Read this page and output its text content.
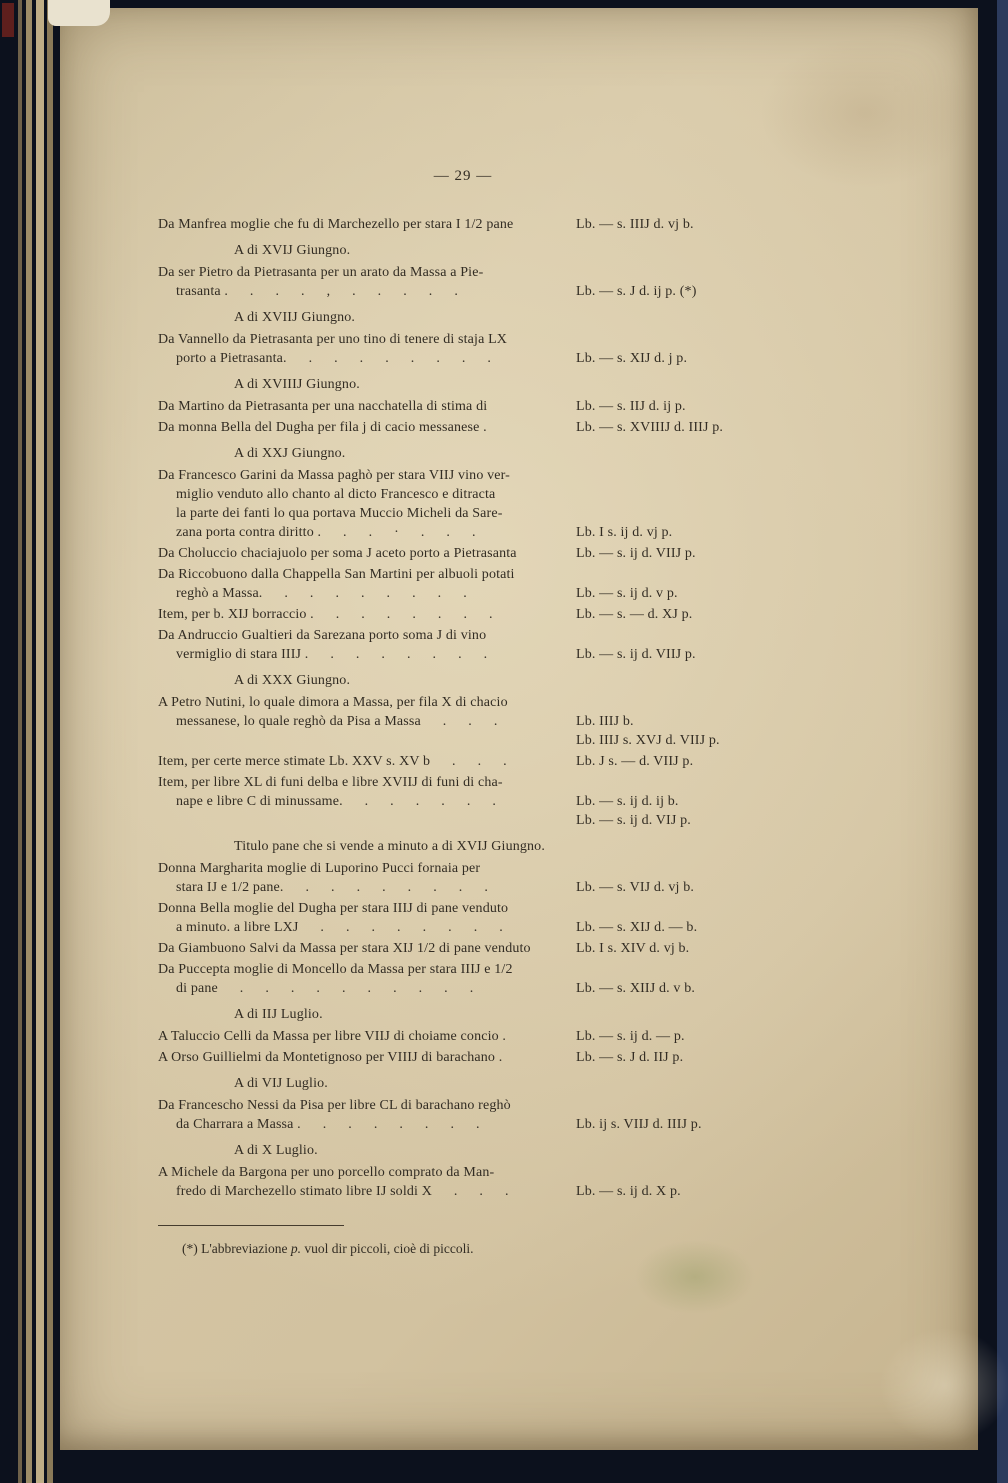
— 29 —
Da Manfrea moglie che fu di Marchezello per stara I 1/2 pane	Lb. — s. IIIJ d. vj b.
A di XVIJ Giungno.
Da ser Pietro da Pietrasanta per un arato da Massa a Pie-
trasanta .      .      .      .      ,      .      .      .      .      .	Lb. — s. J d. ij p. (*)
A di XVIIJ Giungno.
Da Vannello da Pietrasanta per uno tino di tenere di staja LX
porto a Pietrasanta.      .      .      .      .      .      .      .      .	Lb. — s. XIJ d. j p.
A di XVIIIJ Giungno.
Da Martino da Pietrasanta per una nacchatella di stima di	Lb. — s. IIJ d. ij p.
Da monna Bella del Dugha per fila j di cacio messanese .	Lb. — s. XVIIIJ d. IIIJ p.
A di XXJ Giungno.
Da Francesco Garini da Massa paghò per stara VIIJ vino ver-
miglio venduto allo chanto al dicto Francesco e ditracta
la parte dei fanti lo qua portava Muccio Micheli da Sare-
zana porta contra diritto .      .      .      ·      .      .      .	Lb. I s. ij d. vj p.
Da Choluccio chaciajuolo per soma J aceto porto a Pietrasanta	Lb. — s. ij d. VIIJ p.
Da Riccobuono dalla Chappella San Martini per albuoli potati
reghò a Massa.      .      .      .      .      .      .      .      .	Lb. — s. ij d. v p.
Item, per b. XIJ borraccio .      .      .      .      .      .      .      .	Lb. — s. — d. XJ p.
Da Andruccio Gualtieri da Sarezana porto soma J di vino
vermiglio di stara IIIJ .      .      .      .      .      .      .      .	Lb. — s. ij d. VIIJ p.
A di XXX Giungno.
A Petro Nutini, lo quale dimora a Massa, per fila X di chacio
messanese, lo quale reghò da Pisa a Massa      .      .      .	Lb. IIIJ b.
Lb. IIIJ s. XVJ d. VIIJ p.
Item, per certe merce stimate Lb. XXV s. XV b      .      .      .	Lb. J s. — d. VIIJ p.
Item, per libre XL di funi delba e libre XVIIJ di funi di cha-
nape e libre C di minussame.      .      .      .      .      .      .	Lb. — s. ij d. ij b.
Lb. — s. ij d. VIJ p.
Titulo pane che si vende a minuto a di XVIJ Giungno.
Donna Margharita moglie di Luporino Pucci fornaia per
stara IJ e 1/2 pane.      .      .      .      .      .      .      .      .	Lb. — s. VIJ d. vj b.
Donna Bella moglie del Dugha per stara IIIJ di pane venduto
a minuto. a libre LXJ      .      .      .      .      .      .      .      .	Lb. — s. XIJ d. — b.
Da Giambuono Salvi da Massa per stara XIJ 1/2 di pane venduto	Lb. I s. XIV d. vj b.
Da Puccepta moglie di Moncello da Massa per stara IIIJ e 1/2
di pane      .      .      .      .      .      .      .      .      .      .	Lb. — s. XIIJ d. v b.
A di IIJ Luglio.
A Taluccio Celli da Massa per libre VIIJ di choiame concio .	Lb. — s. ij d. — p.
A Orso Guillielmi da Montetignoso per VIIIJ di barachano .	Lb. — s. J d. IIJ p.
A di VIJ Luglio.
Da Francescho Nessi da Pisa per libre CL di barachano reghò
da Charrara a Massa .      .      .      .      .      .      .      .	Lb. ij s. VIIJ d. IIIJ p.
A di X Luglio.
A Michele da Bargona per uno porcello comprato da Man-
fredo di Marchezello stimato libre IJ soldi X      .      .      .	Lb. — s. ij d. X p.
(*) L'abbreviazione p. vuol dir piccoli, cioè di piccoli.
